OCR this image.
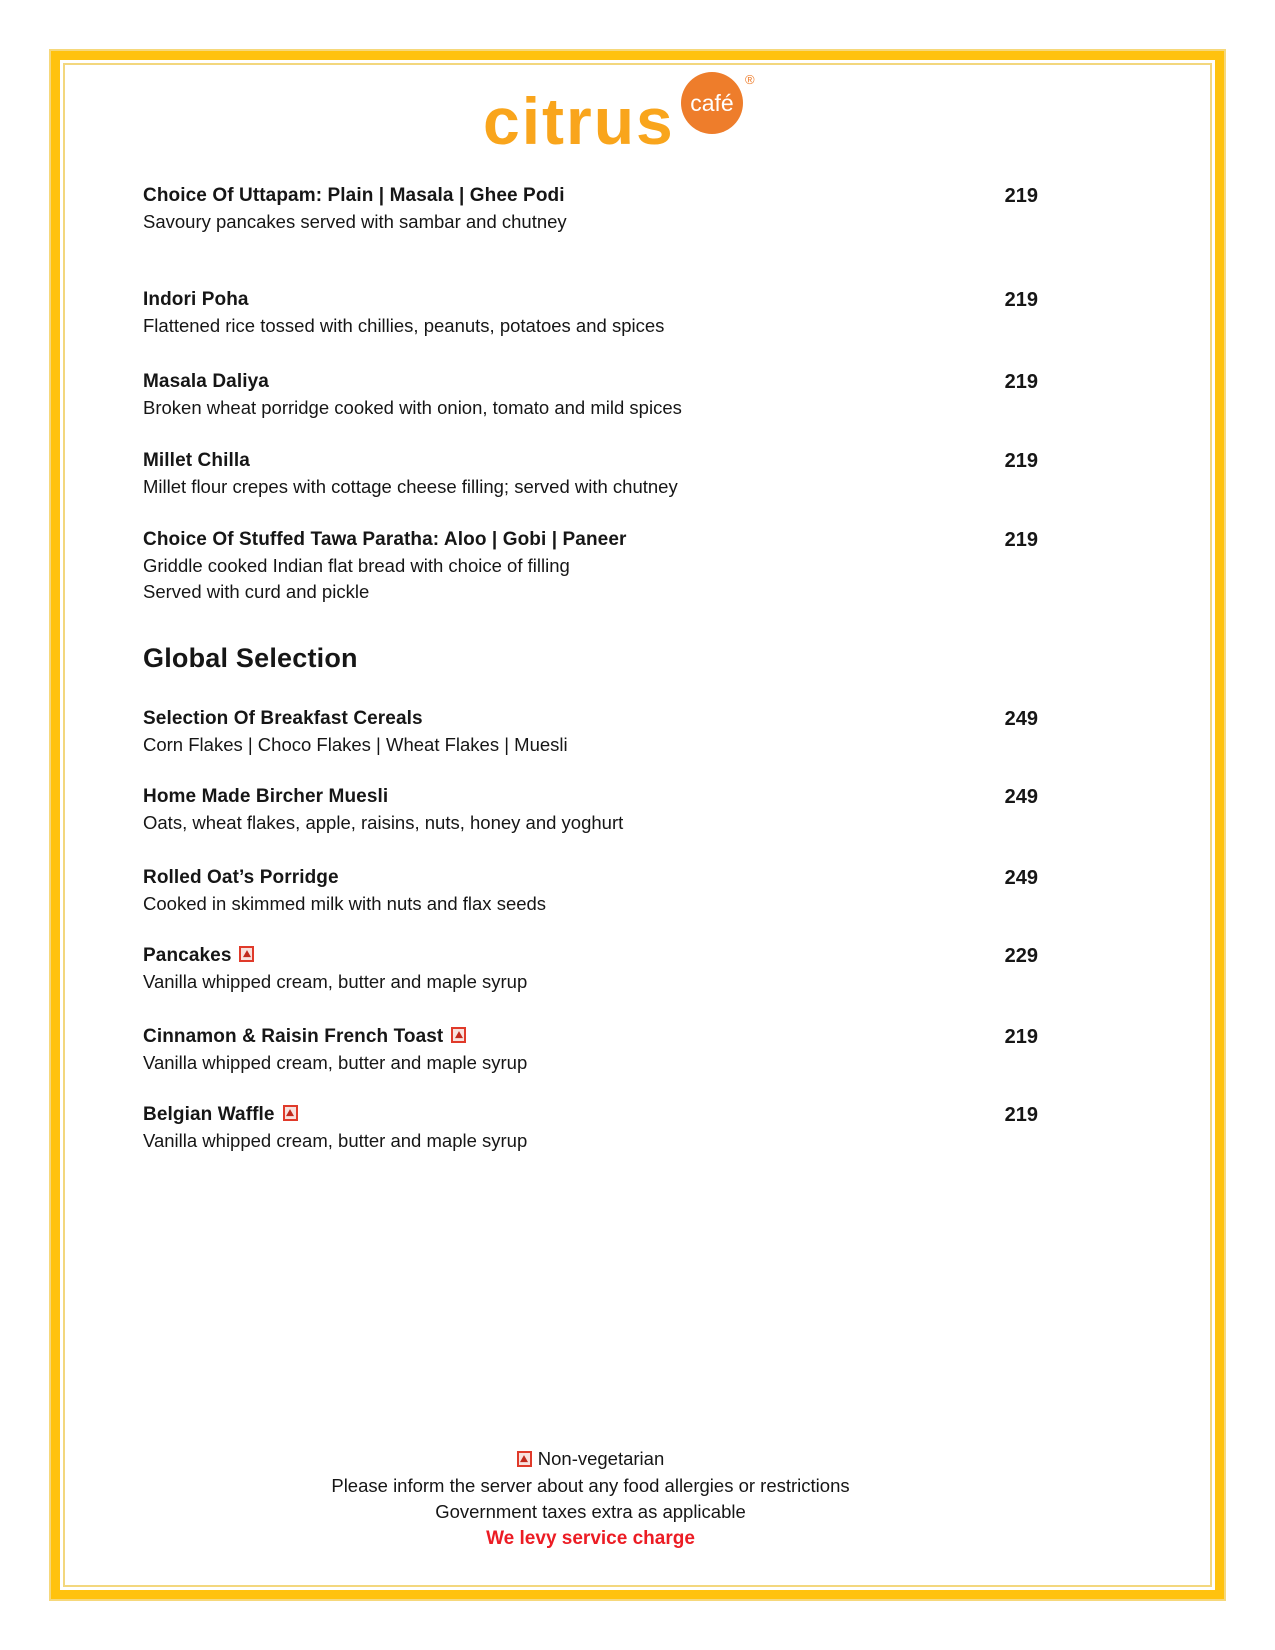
café
citrus
®
Choice Of Uttapam: Plain | Masala | Ghee Podi	219
Savoury pancakes served with sambar and chutney
Indori Poha	219
Flattened rice tossed with chillies, peanuts, potatoes and spices
Masala Daliya	219
Broken wheat porridge cooked with onion, tomato and mild spices
Millet Chilla	219
Millet flour crepes with cottage cheese filling; served with chutney
Choice Of Stuffed Tawa Paratha: Aloo | Gobi | Paneer	219
Griddle cooked Indian flat bread with choice of filling
Served with curd and pickle
Global Selection
Selection Of Breakfast Cereals	249
Corn Flakes | Choco Flakes | Wheat Flakes | Muesli
Home Made Bircher Muesli	249
Oats, wheat flakes, apple, raisins, nuts, honey and yoghurt
Rolled Oat’s Porridge	249
Cooked in skimmed milk with nuts and flax seeds
Pancakes	229
Vanilla whipped cream, butter and maple syrup
Cinnamon & Raisin French Toast	219
Vanilla whipped cream, butter and maple syrup
Belgian Waffle	219
Vanilla whipped cream, butter and maple syrup
Non-vegetarian
Please inform the server about any food allergies or restrictions
Government taxes extra as applicable
We levy service charge
